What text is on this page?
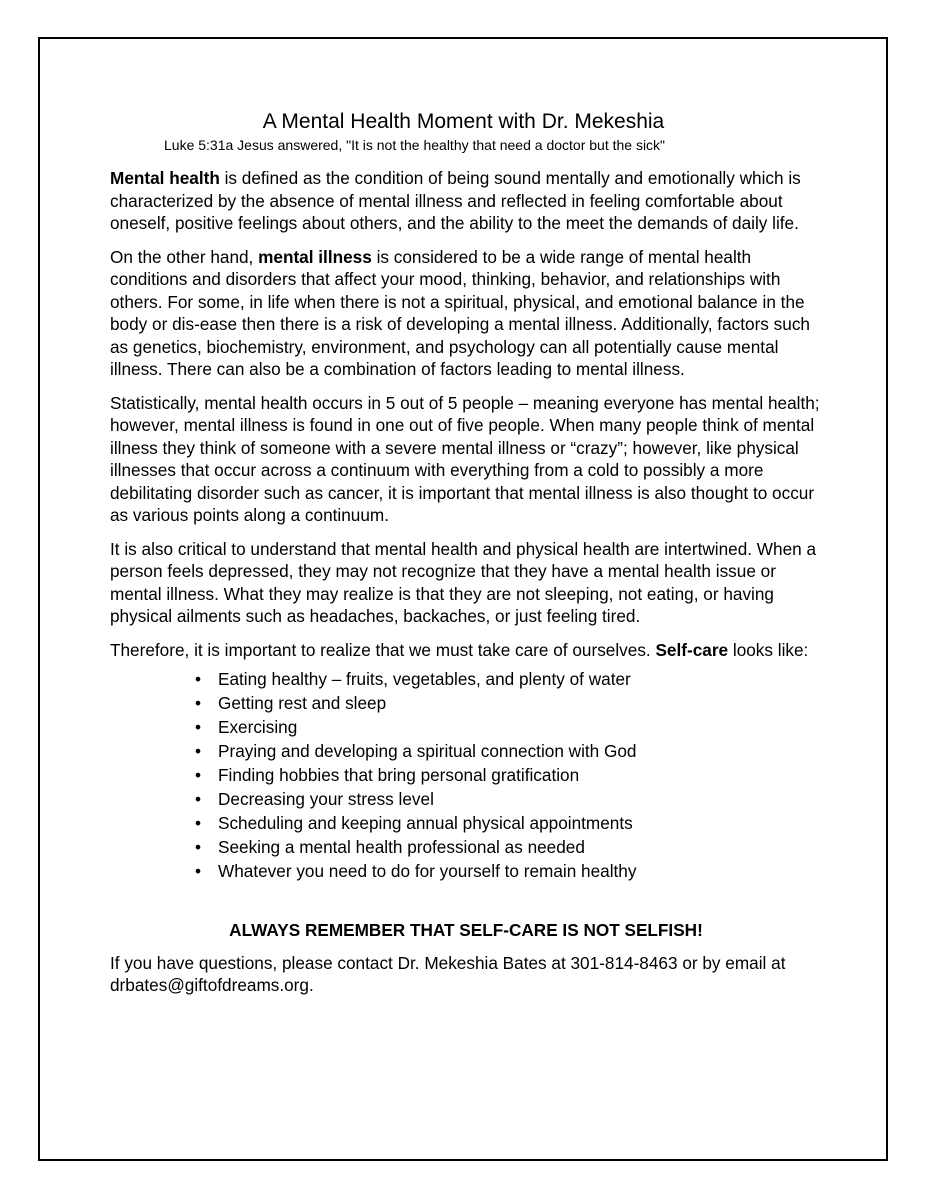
A Mental Health Moment with Dr. Mekeshia

Luke 5:31a Jesus answered, "It is not the healthy that need a doctor but the sick"

Mental health is defined as the condition of being sound mentally and emotionally which is characterized by the absence of mental illness and reflected in feeling comfortable about oneself, positive feelings about others, and the ability to the meet the demands of daily life.

On the other hand, mental illness is considered to be a wide range of mental health conditions and disorders that affect your mood, thinking, behavior, and relationships with others. For some, in life when there is not a spiritual, physical, and emotional balance in the body or dis-ease then there is a risk of developing a mental illness. Additionally, factors such as genetics, biochemistry, environment, and psychology can all potentially cause mental illness. There can also be a combination of factors leading to mental illness.

Statistically, mental health occurs in 5 out of 5 people – meaning everyone has mental health; however, mental illness is found in one out of five people. When many people think of mental illness they think of someone with a severe mental illness or “crazy”; however, like physical illnesses that occur across a continuum with everything from a cold to possibly a more debilitating disorder such as cancer, it is important that mental illness is also thought to occur as various points along a continuum.

It is also critical to understand that mental health and physical health are intertwined. When a person feels depressed, they may not recognize that they have a mental health issue or mental illness. What they may realize is that they are not sleeping, not eating, or having physical ailments such as headaches, backaches, or just feeling tired.

Therefore, it is important to realize that we must take care of ourselves. Self-care looks like:

• Eating healthy – fruits, vegetables, and plenty of water
• Getting rest and sleep
• Exercising
• Praying and developing a spiritual connection with God
• Finding hobbies that bring personal gratification
• Decreasing your stress level
• Scheduling and keeping annual physical appointments
• Seeking a mental health professional as needed
• Whatever you need to do for yourself to remain healthy

ALWAYS REMEMBER THAT SELF-CARE IS NOT SELFISH!

If you have questions, please contact Dr. Mekeshia Bates at 301-814-8463 or by email at drbates@giftofdreams.org.
